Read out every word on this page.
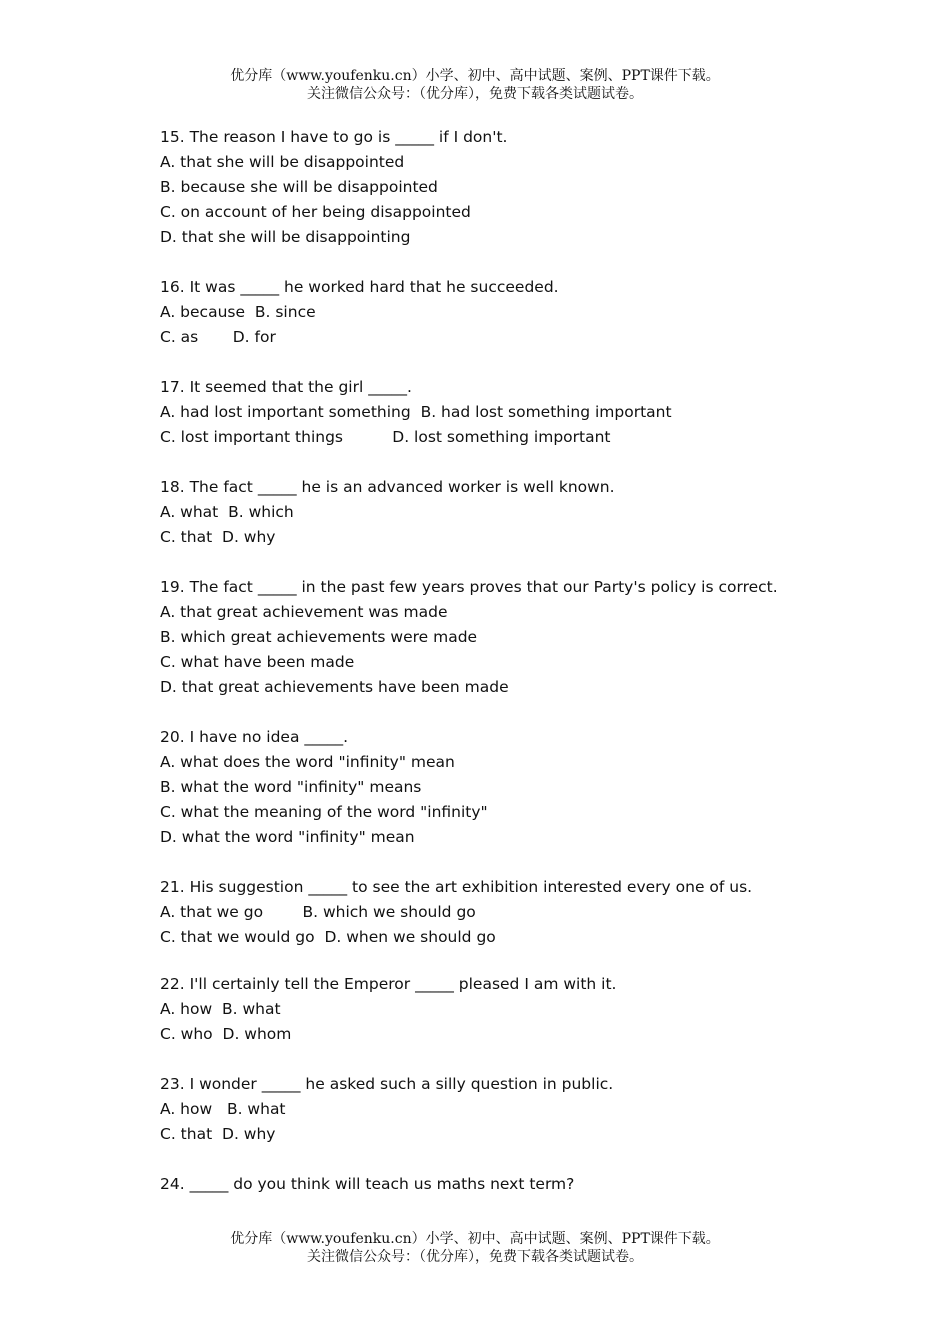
优分库（www.youfenku.cn）小学、初中、高中试题、案例、PPT课件下载。
关注微信公众号：（优分库），免费下载各类试题试卷。
15. The reason I have to go is _____ if I don't.
A. that she will be disappointed
B. because she will be disappointed
C. on account of her being disappointed
D. that she will be disappointing
16. It was _____ he worked hard that he succeeded.
A. because  B. since
C. as       D. for
17. It seemed that the girl _____.
A. had lost important something  B. had lost something important
C. lost important things          D. lost something important
18. The fact _____ he is an advanced worker is well known.
A. what  B. which
C. that  D. why
19. The fact _____ in the past few years proves that our Party's policy is correct.
A. that great achievement was made
B. which great achievements were made
C. what have been made
D. that great achievements have been made
20. I have no idea _____.
A. what does the word "infinity" mean
B. what the word "infinity" means
C. what the meaning of the word "infinity"
D. what the word "infinity" mean
21. His suggestion _____ to see the art exhibition interested every one of us.
A. that we go        B. which we should go
C. that we would go  D. when we should go
22. I'll certainly tell the Emperor _____ pleased I am with it.
A. how  B. what
C. who  D. whom
23. I wonder _____ he asked such a silly question in public.
A. how   B. what
C. that  D. why
24. _____ do you think will teach us maths next term?
优分库（www.youfenku.cn）小学、初中、高中试题、案例、PPT课件下载。
关注微信公众号：（优分库），免费下载各类试题试卷。
